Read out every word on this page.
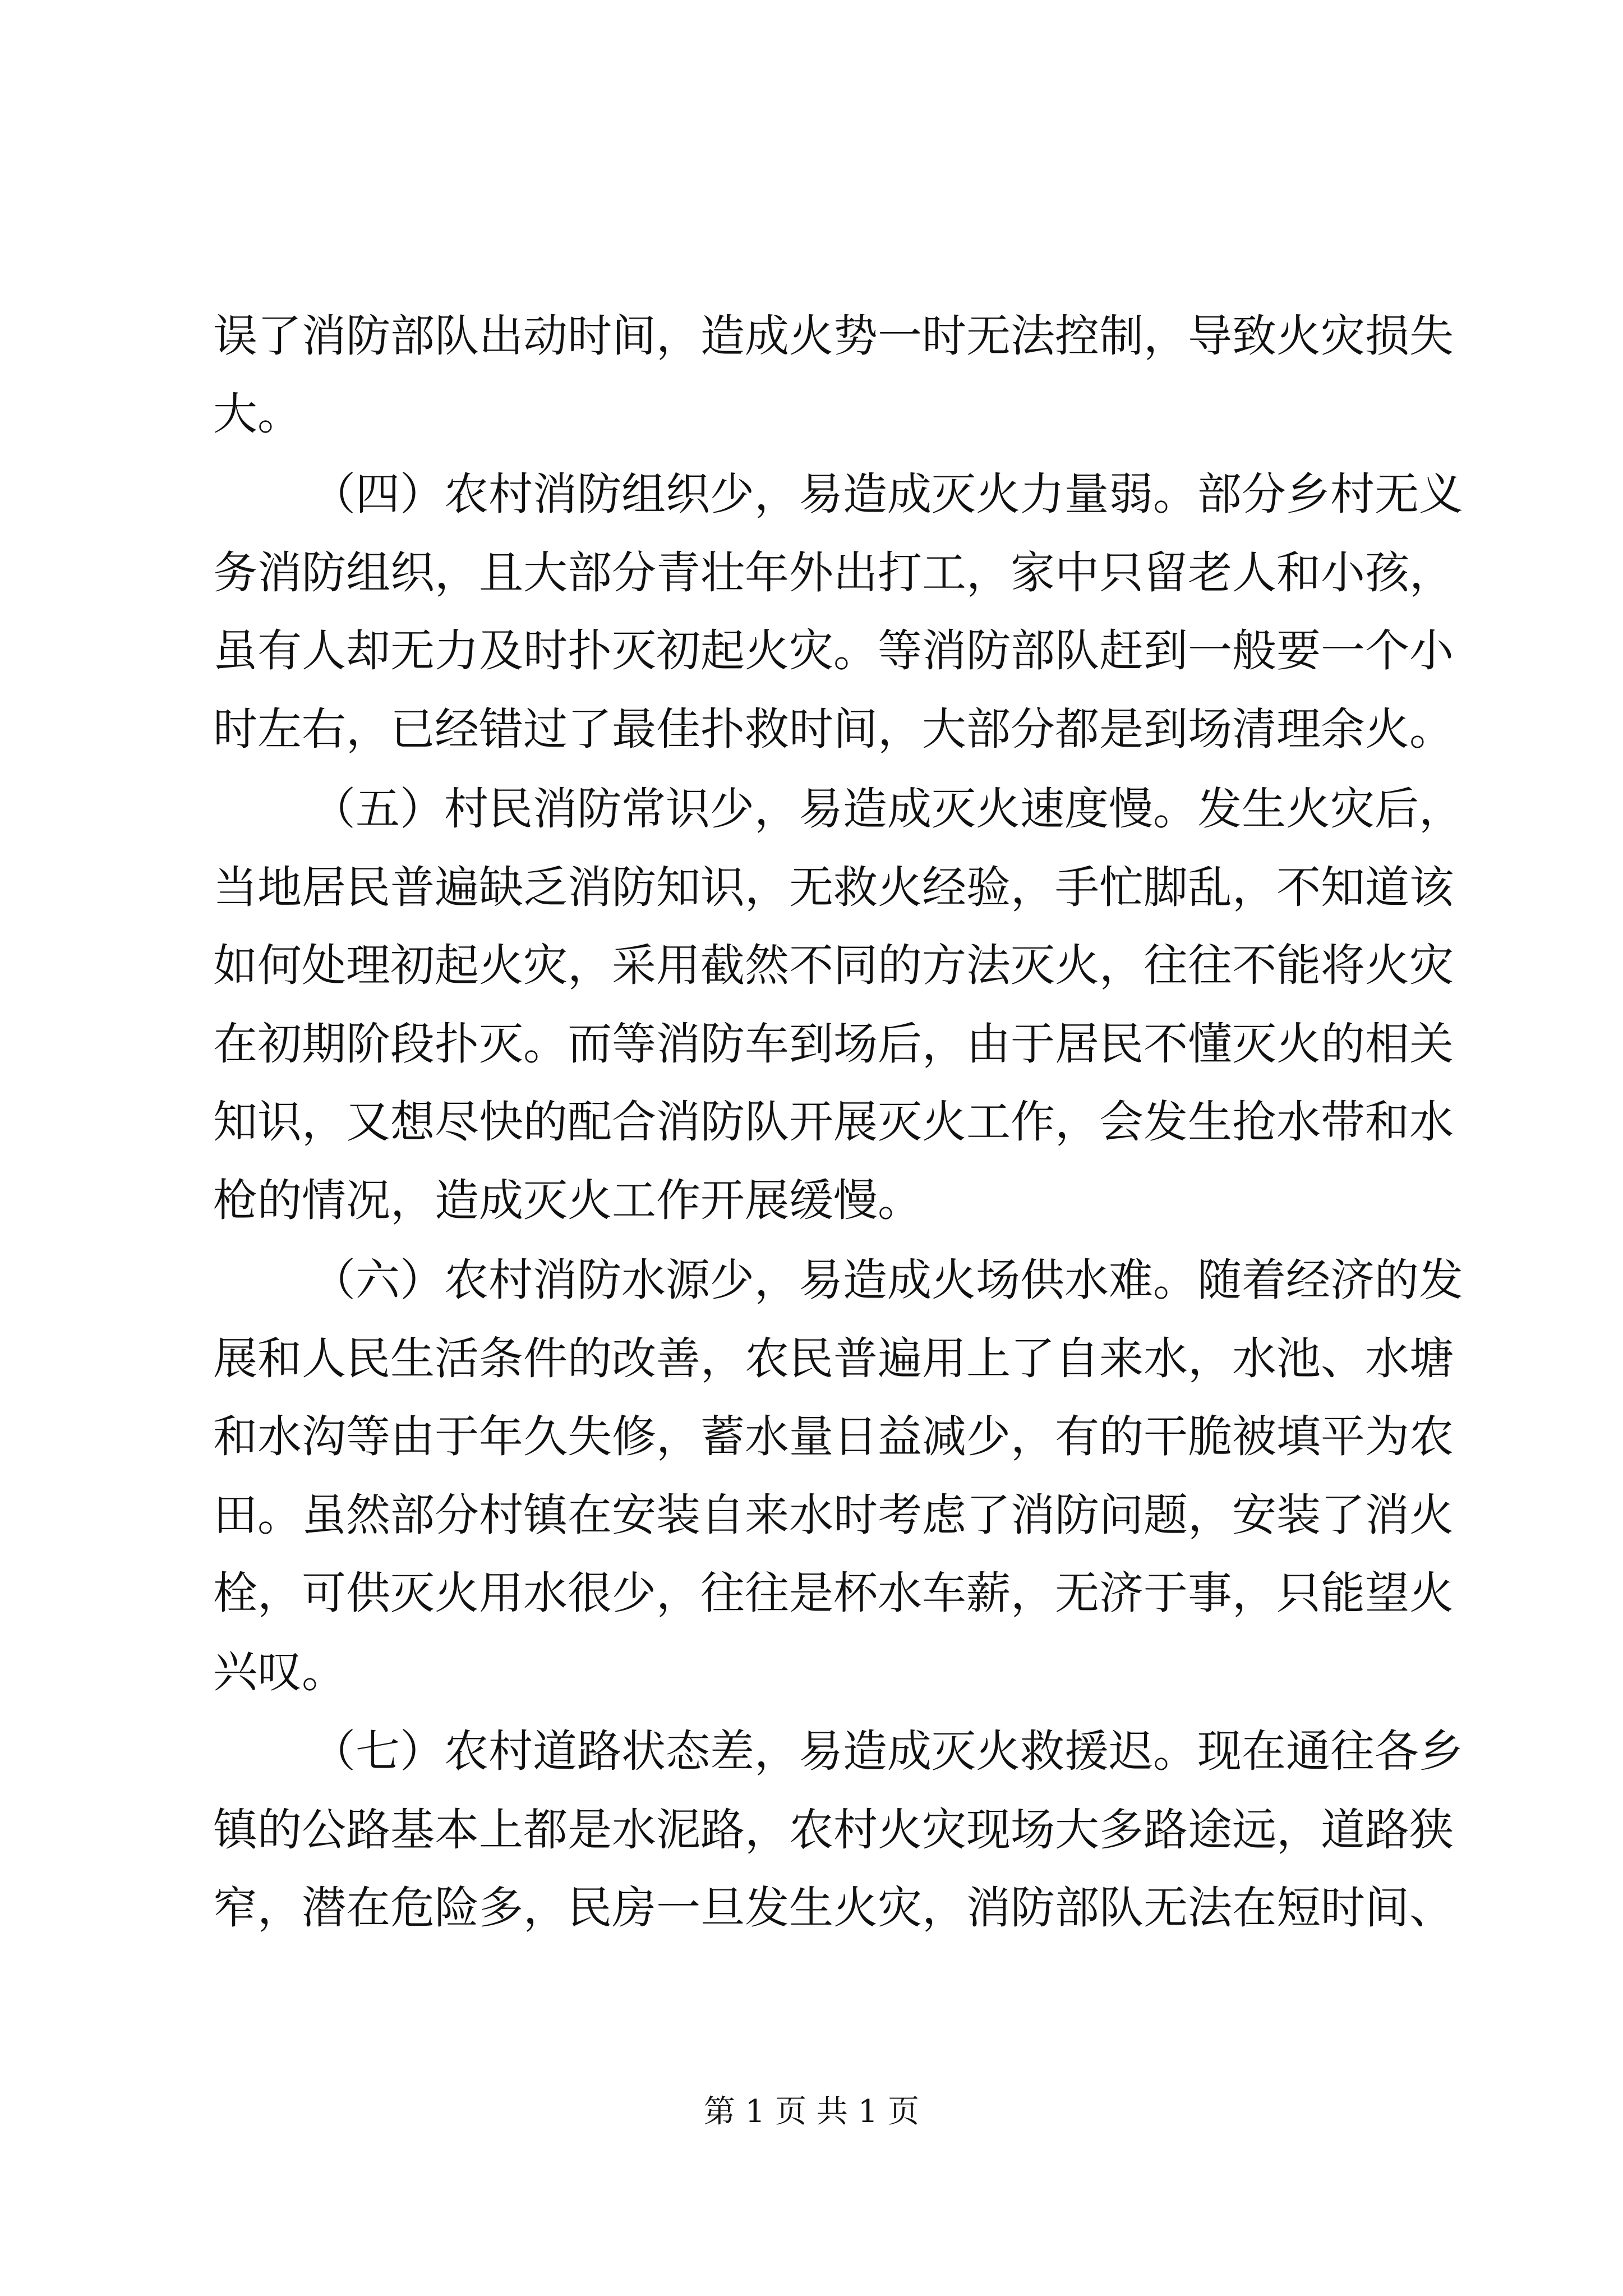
误了消防部队出动时间，造成火势一时无法控制，导致火灾损失
大。
（四）农村消防组织少，易造成灭火力量弱。部分乡村无义
务消防组织，且大部分青壮年外出打工，家中只留老人和小孩，
虽有人却无力及时扑灭初起火灾。等消防部队赶到一般要一个小
时左右，已经错过了最佳扑救时间，大部分都是到场清理余火。
（五）村民消防常识少，易造成灭火速度慢。发生火灾后，
当地居民普遍缺乏消防知识，无救火经验，手忙脚乱，不知道该
如何处理初起火灾，采用截然不同的方法灭火，往往不能将火灾
在初期阶段扑灭。而等消防车到场后，由于居民不懂灭火的相关
知识，又想尽快的配合消防队开展灭火工作，会发生抢水带和水
枪的情况，造成灭火工作开展缓慢。
（六）农村消防水源少，易造成火场供水难。随着经济的发
展和人民生活条件的改善，农民普遍用上了自来水，水池、水塘
和水沟等由于年久失修，蓄水量日益减少，有的干脆被填平为农
田。虽然部分村镇在安装自来水时考虑了消防问题，安装了消火
栓，可供灭火用水很少，往往是杯水车薪，无济于事，只能望火
兴叹。
（七）农村道路状态差，易造成灭火救援迟。现在通往各乡
镇的公路基本上都是水泥路，农村火灾现场大多路途远，道路狭
窄，潜在危险多，民房一旦发生火灾，消防部队无法在短时间、
第 1 页 共 1 页
